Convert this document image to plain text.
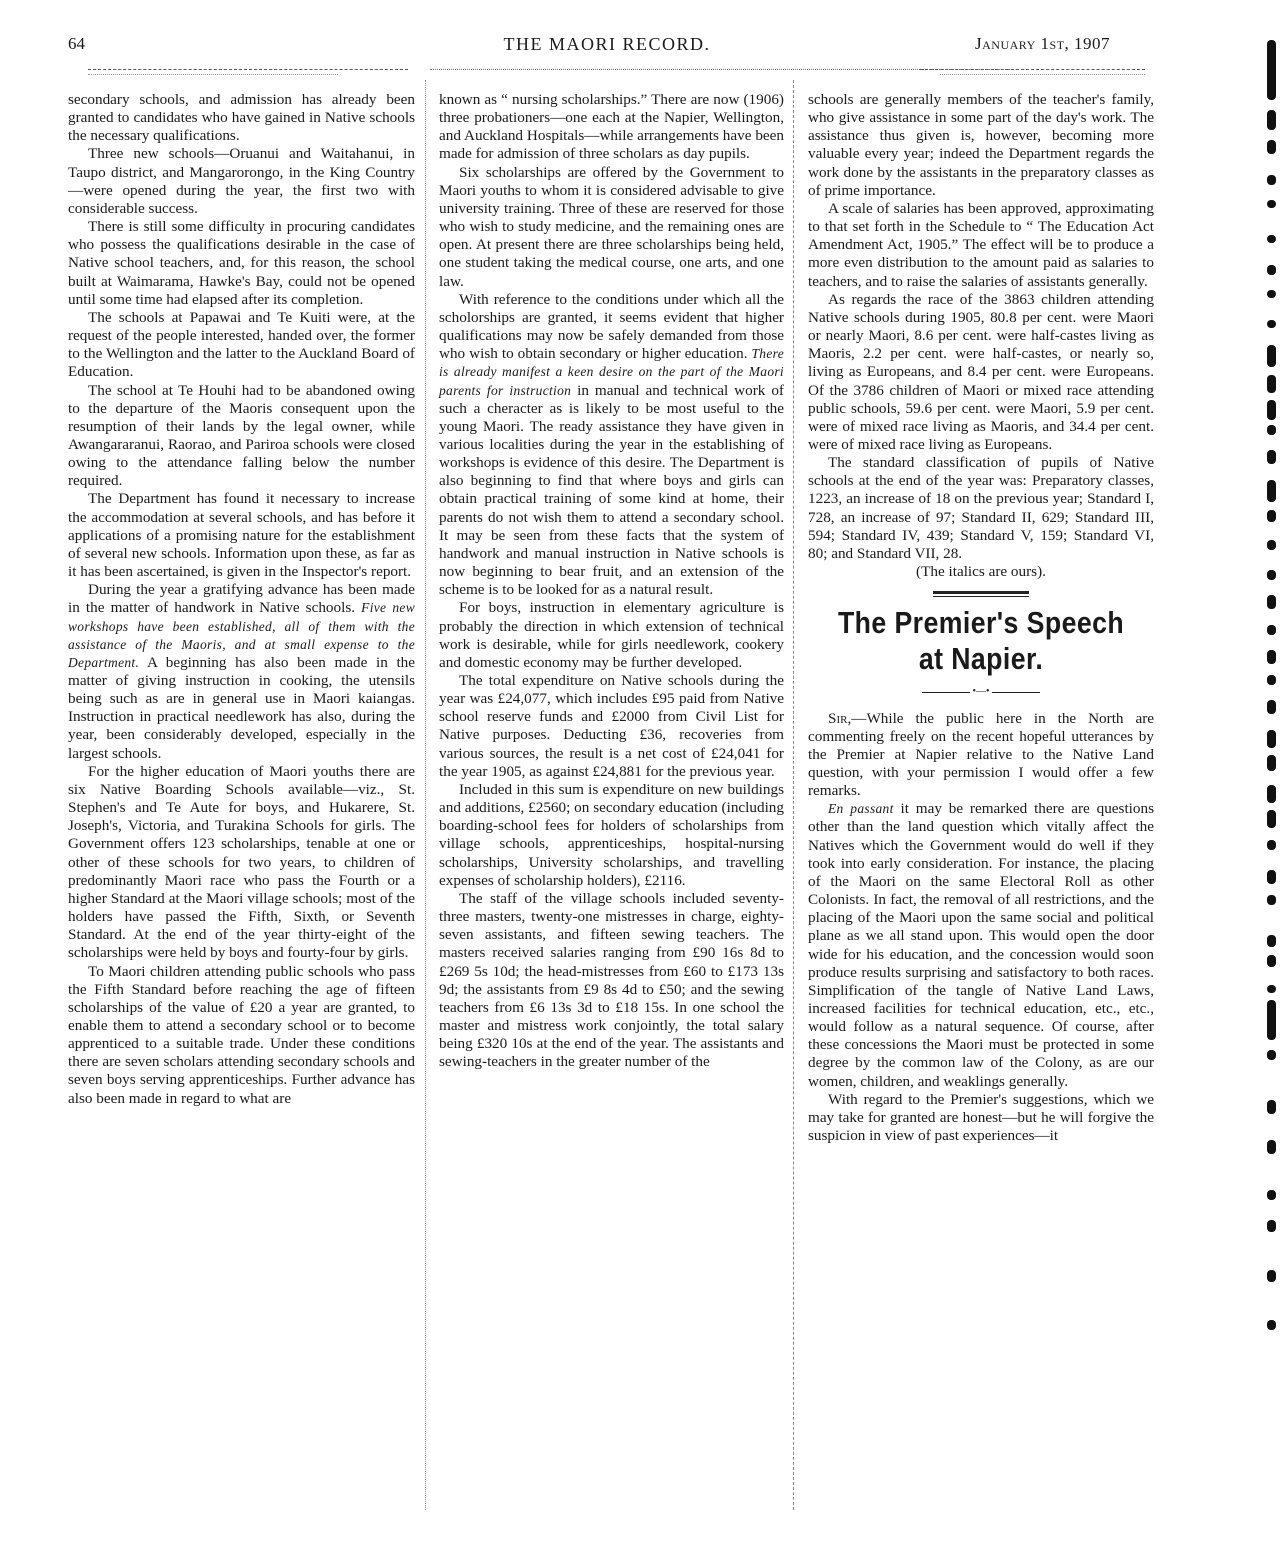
64	THE MAORI RECORD.	January 1st, 1907

secondary schools, and admission has already been granted to candidates who have gained in Native schools the necessary qualifications.

Three new schools—Oruanui and Waitahanui, in Taupo district, and Mangarorongo, in the King Country—were opened during the year, the first two with considerable success.

There is still some difficulty in procuring candidates who possess the qualifications desirable in the case of Native school teachers, and, for this reason, the school built at Waimarama, Hawke's Bay, could not be opened until some time had elapsed after its completion.

The schools at Papawai and Te Kuiti were, at the request of the people interested, handed over, the former to the Wellington and the latter to the Auckland Board of Education.

The school at Te Houhi had to be abandoned owing to the departure of the Maoris consequent upon the resumption of their lands by the legal owner, while Awangararanui, Raorao, and Pariroa schools were closed owing to the attendance falling below the number required.

The Department has found it necessary to increase the accommodation at several schools, and has before it applications of a promising nature for the establishment of several new schools. Information upon these, as far as it has been ascertained, is given in the Inspector's report.

During the year a gratifying advance has been made in the matter of handwork in Native schools. Five new workshops have been established, all of them with the assistance of the Maoris, and at small expense to the Department. A beginning has also been made in the matter of giving instruction in cooking, the utensils being such as are in general use in Maori kaiangas. Instruction in practical needlework has also, during the year, been considerably developed, especially in the largest schools.

For the higher education of Maori youths there are six Native Boarding Schools available—viz., St. Stephen's and Te Aute for boys, and Hukarere, St. Joseph's, Victoria, and Turakina Schools for girls. The Government offers 123 scholarships, tenable at one or other of these schools for two years, to children of predominantly Maori race who pass the Fourth or a higher Standard at the Maori village schools; most of the holders have passed the Fifth, Sixth, or Seventh Standard. At the end of the year thirty-eight of the scholarships were held by boys and fourty-four by girls.

To Maori children attending public schools who pass the Fifth Standard before reaching the age of fifteen scholarships of the value of £20 a year are granted, to enable them to attend a secondary school or to become apprenticed to a suitable trade. Under these conditions there are seven scholars attending secondary schools and seven boys serving apprenticeships. Further advance has also been made in regard to what are

known as “ nursing scholarships.” There are now (1906) three probationers—one each at the Napier, Wellington, and Auckland Hospitals—while arrangements have been made for admission of three scholars as day pupils.

Six scholarships are offered by the Government to Maori youths to whom it is considered advisable to give university training. Three of these are reserved for those who wish to study medicine, and the remaining ones are open. At present there are three scholarships being held, one student taking the medical course, one arts, and one law.

With reference to the conditions under which all the scholorships are granted, it seems evident that higher qualifications may now be safely demanded from those who wish to obtain secondary or higher education. There is already manifest a keen desire on the part of the Maori parents for instruction in manual and technical work of such a cheracter as is likely to be most useful to the young Maori. The ready assistance they have given in various localities during the year in the establishing of workshops is evidence of this desire. The Department is also beginning to find that where boys and girls can obtain practical training of some kind at home, their parents do not wish them to attend a secondary school. It may be seen from these facts that the system of handwork and manual instruction in Native schools is now beginning to bear fruit, and an extension of the scheme is to be looked for as a natural result.

For boys, instruction in elementary agriculture is probably the direction in which extension of technical work is desirable, while for girls needlework, cookery and domestic economy may be further developed.

The total expenditure on Native schools during the year was £24,077, which includes £95 paid from Native school reserve funds and £2000 from Civil List for Native purposes. Deducting £36, recoveries from various sources, the result is a net cost of £24,041 for the year 1905, as against £24,881 for the previous year.

Included in this sum is expenditure on new buildings and additions, £2560; on secondary education (including boarding-school fees for holders of scholarships from village schools, apprenticeships, hospital-nursing scholarships, University scholarships, and travelling expenses of scholarship holders), £2116.

The staff of the village schools included seventy-three masters, twenty-one mistresses in charge, eighty-seven assistants, and fifteen sewing teachers. The masters received salaries ranging from £90 16s 8d to £269 5s 10d; the head-mistresses from £60 to £173 13s 9d; the assistants from £9 8s 4d to £50; and the sewing teachers from £6 13s 3d to £18 15s. In one school the master and mistress work conjointly, the total salary being £320 10s at the end of the year. The assistants and sewing-teachers in the greater number of the

schools are generally members of the teacher's family, who give assistance in some part of the day's work. The assistance thus given is, however, becoming more valuable every year; indeed the Department regards the work done by the assistants in the preparatory classes as of prime importance.

A scale of salaries has been approved, approximating to that set forth in the Schedule to “ The Education Act Amendment Act, 1905.” The effect will be to produce a more even distribution to the amount paid as salaries to teachers, and to raise the salaries of assistants generally.

As regards the race of the 3863 children attending Native schools during 1905, 80.8 per cent. were Maori or nearly Maori, 8.6 per cent. were half-castes living as Maoris, 2.2 per cent. were half-castes, or nearly so, living as Europeans, and 8.4 per cent. were Europeans. Of the 3786 children of Maori or mixed race attending public schools, 59.6 per cent. were Maori, 5.9 per cent. were of mixed race living as Maoris, and 34.4 per cent. were of mixed race living as Europeans.

The standard classification of pupils of Native schools at the end of the year was: Preparatory classes, 1223, an increase of 18 on the previous year; Standard I, 728, an increase of 97; Standard II, 629; Standard III, 594; Standard IV, 439; Standard V, 159; Standard VI, 80; and Standard VII, 28.

(The italics are ours).

The Premier's Speech at Napier.
•—•

Sir,—While the public here in the North are commenting freely on the recent hopeful utterances by the Premier at Napier relative to the Native Land question, with your permission I would offer a few remarks.

En passant it may be remarked there are questions other than the land question which vitally affect the Natives which the Government would do well if they took into early consideration. For instance, the placing of the Maori on the same Electoral Roll as other Colonists. In fact, the removal of all restrictions, and the placing of the Maori upon the same social and political plane as we all stand upon. This would open the door wide for his education, and the concession would soon produce results surprising and satisfactory to both races. Simplification of the tangle of Native Land Laws, increased facilities for technical education, etc., etc., would follow as a natural sequence. Of course, after these concessions the Maori must be protected in some degree by the common law of the Colony, as are our women, children, and weaklings generally.

With regard to the Premier's suggestions, which we may take for granted are honest—but he will forgive the suspicion in view of past experiences—it
